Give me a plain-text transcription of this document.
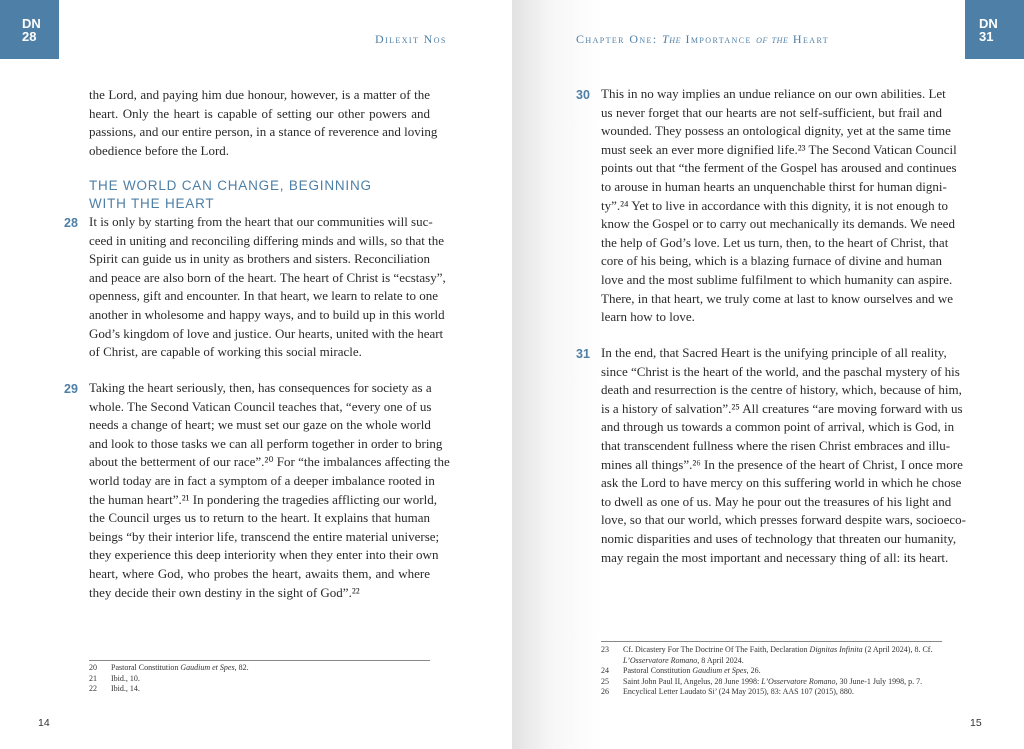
DN
28	Dilexit Nos
the Lord, and paying him due honour, however, is a matter of the
heart. Only the heart is capable of setting our other powers and
passions, and our entire person, in a stance of reverence and loving
obedience before the Lord.
THE WORLD CAN CHANGE, BEGINNING
WITH THE HEART
28 It is only by starting from the heart that our communities will suc-
ceed in uniting and reconciling differing minds and wills, so that the
Spirit can guide us in unity as brothers and sisters. Reconciliation
and peace are also born of the heart. The heart of Christ is “ecstasy”,
openness, gift and encounter. In that heart, we learn to relate to one
another in wholesome and happy ways, and to build up in this world
God’s kingdom of love and justice. Our hearts, united with the heart
of Christ, are capable of working this social miracle.
29 Taking the heart seriously, then, has consequences for society as a
whole. The Second Vatican Council teaches that, “every one of us
needs a change of heart; we must set our gaze on the whole world
and look to those tasks we can all perform together in order to bring
about the betterment of our race”.²⁰ For “the imbalances affecting the
world today are in fact a symptom of a deeper imbalance rooted in
the human heart”.²¹ In pondering the tragedies afflicting our world,
the Council urges us to return to the heart. It explains that human
beings “by their interior life, transcend the entire material universe;
they experience this deep interiority when they enter into their own
heart, where God, who probes the heart, awaits them, and where
they decide their own destiny in the sight of God”.²²
20 Pastoral Constitution Gaudium et Spes, 82.
21 Ibid., 10.
22 Ibid., 14.
14
Chapter One: The Importance of the Heart
DN
31
30 This in no way implies an undue reliance on our own abilities. Let
us never forget that our hearts are not self-sufficient, but frail and
wounded. They possess an ontological dignity, yet at the same time
must seek an ever more dignified life.²³ The Second Vatican Council
points out that “the ferment of the Gospel has aroused and continues
to arouse in human hearts an unquenchable thirst for human digni-
ty”.²⁴ Yet to live in accordance with this dignity, it is not enough to
know the Gospel or to carry out mechanically its demands. We need
the help of God’s love. Let us turn, then, to the heart of Christ, that
core of his being, which is a blazing furnace of divine and human
love and the most sublime fulfilment to which humanity can aspire.
There, in that heart, we truly come at last to know ourselves and we
learn how to love.
31 In the end, that Sacred Heart is the unifying principle of all reality,
since “Christ is the heart of the world, and the paschal mystery of his
death and resurrection is the centre of history, which, because of him,
is a history of salvation”.²⁵ All creatures “are moving forward with us
and through us towards a common point of arrival, which is God, in
that transcendent fullness where the risen Christ embraces and illu-
mines all things”.²⁶ In the presence of the heart of Christ, I once more
ask the Lord to have mercy on this suffering world in which he chose
to dwell as one of us. May he pour out the treasures of his light and
love, so that our world, which presses forward despite wars, socioeco-
nomic disparities and uses of technology that threaten our humanity,
may regain the most important and necessary thing of all: its heart.
23 Cf. Dicastery For The Doctrine Of The Faith, Declaration Dignitas Infinita (2 April 2024), 8. Cf.
L’Osservatore Romano, 8 April 2024.
24 Pastoral Constitution Gaudium et Spes, 26.
25 Saint John Paul II, Angelus, 28 June 1998: L’Osservatore Romano, 30 June-1 July 1998, p. 7.
26 Encyclical Letter Laudato Si’ (24 May 2015), 83: AAS 107 (2015), 880.
15
